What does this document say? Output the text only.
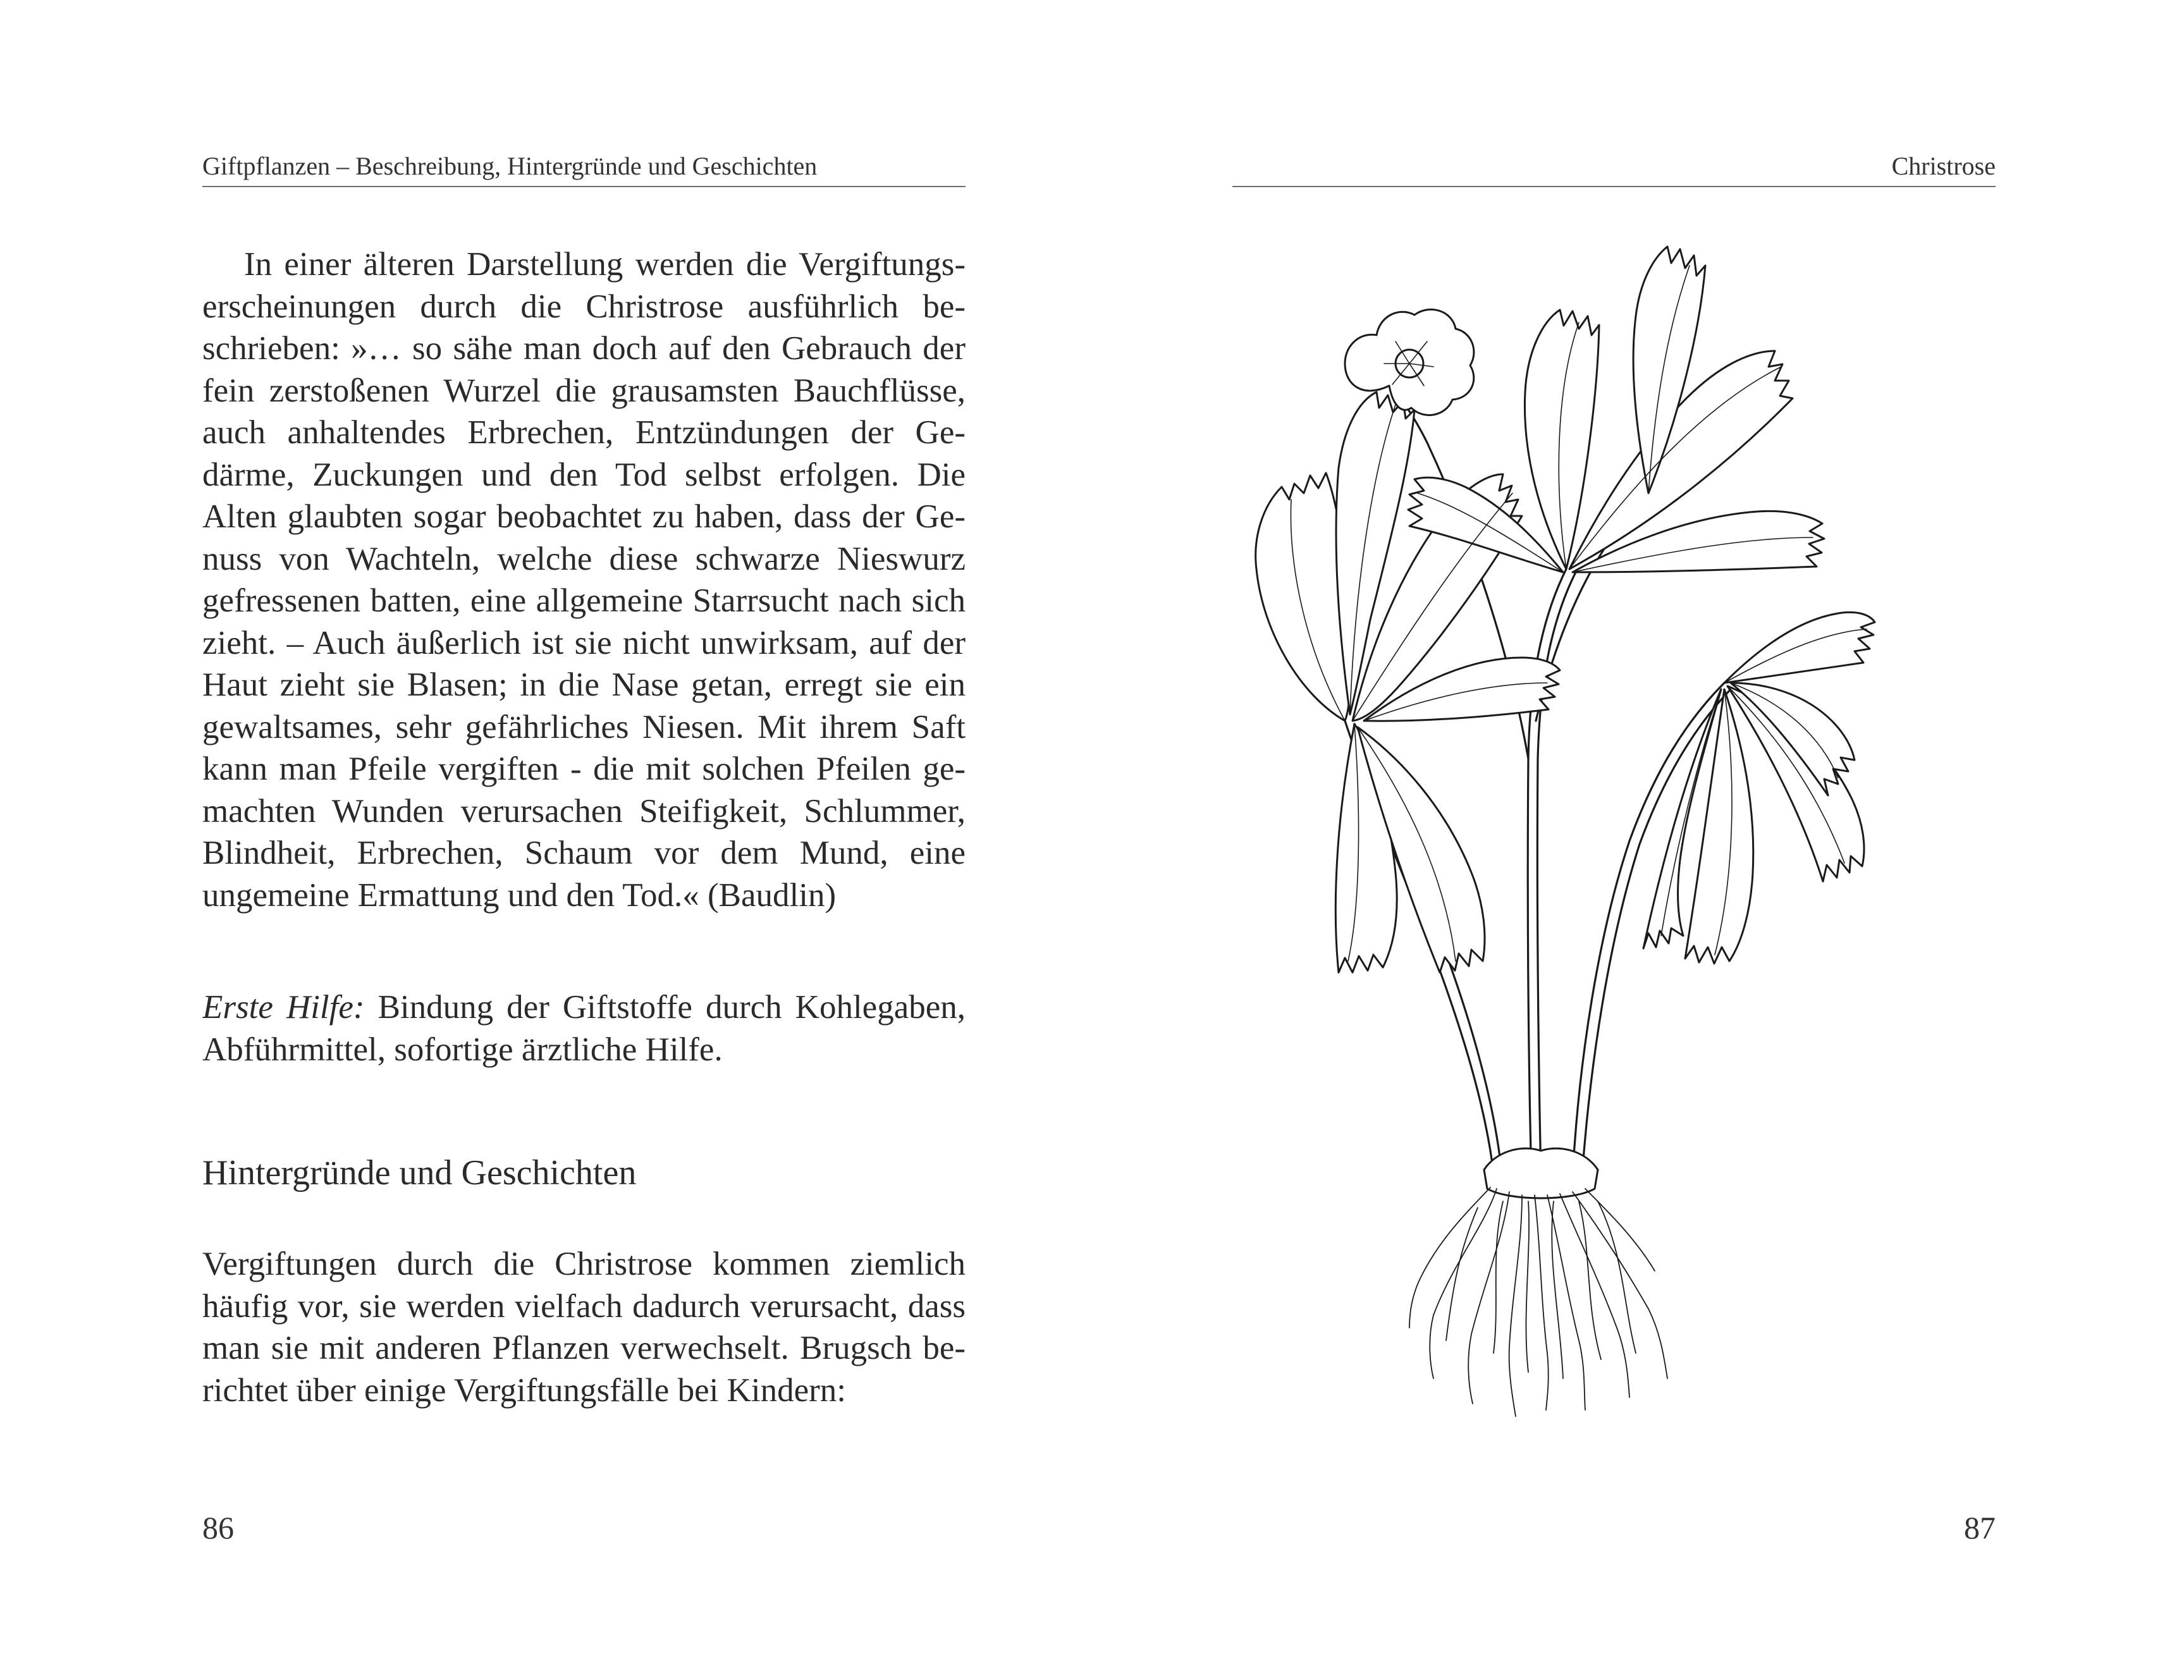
Giftpflanzen – Beschreibung, Hintergründe und Geschichten
In einer älteren Darstellung werden die Vergiftungs-
erscheinungen durch die Christrose ausführlich be-
schrieben: »… so sähe man doch auf den Gebrauch der
fein zerstoßenen Wurzel die grausamsten Bauchflüsse,
auch anhaltendes Erbrechen, Entzündungen der Ge-
därme, Zuckungen und den Tod selbst erfolgen. Die
Alten glaubten sogar beobachtet zu haben, dass der Ge-
nuss von Wachteln, welche diese schwarze Nieswurz
gefressenen batten, eine allgemeine Starrsucht nach sich
zieht. – Auch äußerlich ist sie nicht unwirksam, auf der
Haut zieht sie Blasen; in die Nase getan, erregt sie ein
gewaltsames, sehr gefährliches Niesen. Mit ihrem Saft
kann man Pfeile vergiften - die mit solchen Pfeilen ge-
machten Wunden verursachen Steifigkeit, Schlummer,
Blindheit, Erbrechen, Schaum vor dem Mund, eine
ungemeine Ermattung und den Tod.« (Baudlin)
Erste Hilfe: Bindung der Giftstoffe durch Kohlegaben,
Abführmittel, sofortige ärztliche Hilfe.
Hintergründe und Geschichten
Vergiftungen durch die Christrose kommen ziemlich
häufig vor, sie werden vielfach dadurch verursacht, dass
man sie mit anderen Pflanzen verwechselt. Brugsch be-
richtet über einige Vergiftungsfälle bei Kindern:
86
Christrose
87
